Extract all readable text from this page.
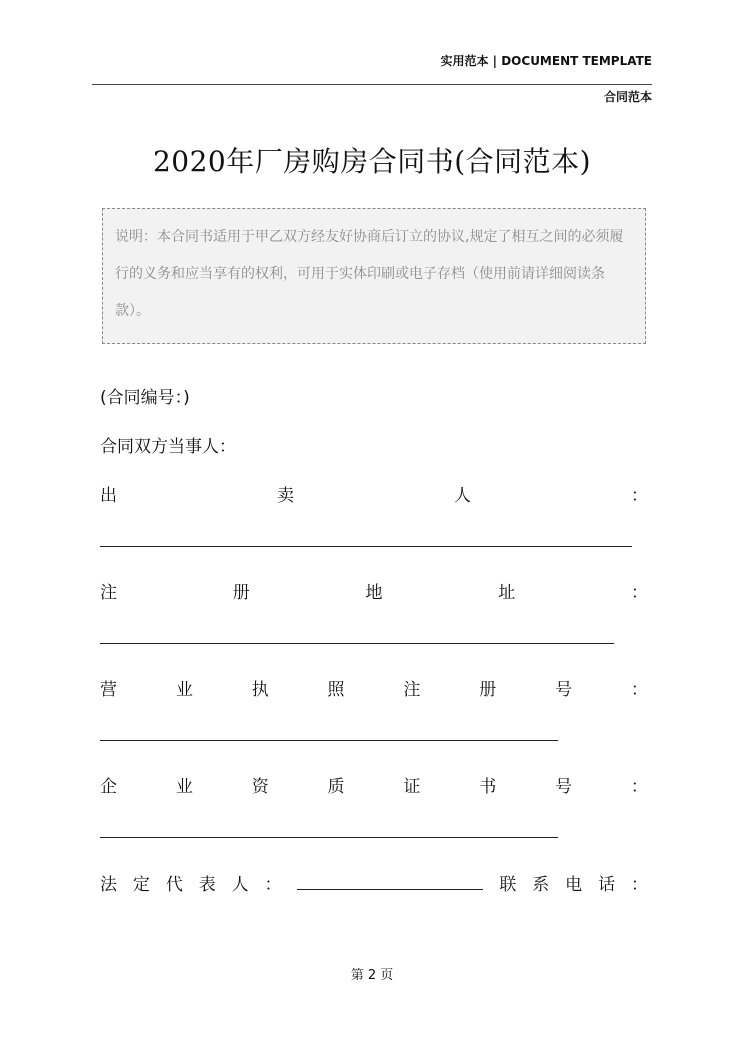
实用范本 | DOCUMENT TEMPLATE
合同范本
2020年厂房购房合同书(合同范本)
说明：本合同书适用于甲乙双方经友好协商后订立的协议,规定了相互之间的必须履行的义务和应当享有的权利，可用于实体印刷或电子存档（使用前请详细阅读条款）。
(合同编号：)
合同双方当事人：
出	卖	人	：
注	册	地	址	：
营	业	执	照	注	册	号	：
企	业	资	质	证	书	号	：
法 定 代 表 人 ：	联 系 电 话 ：
第 2 页
